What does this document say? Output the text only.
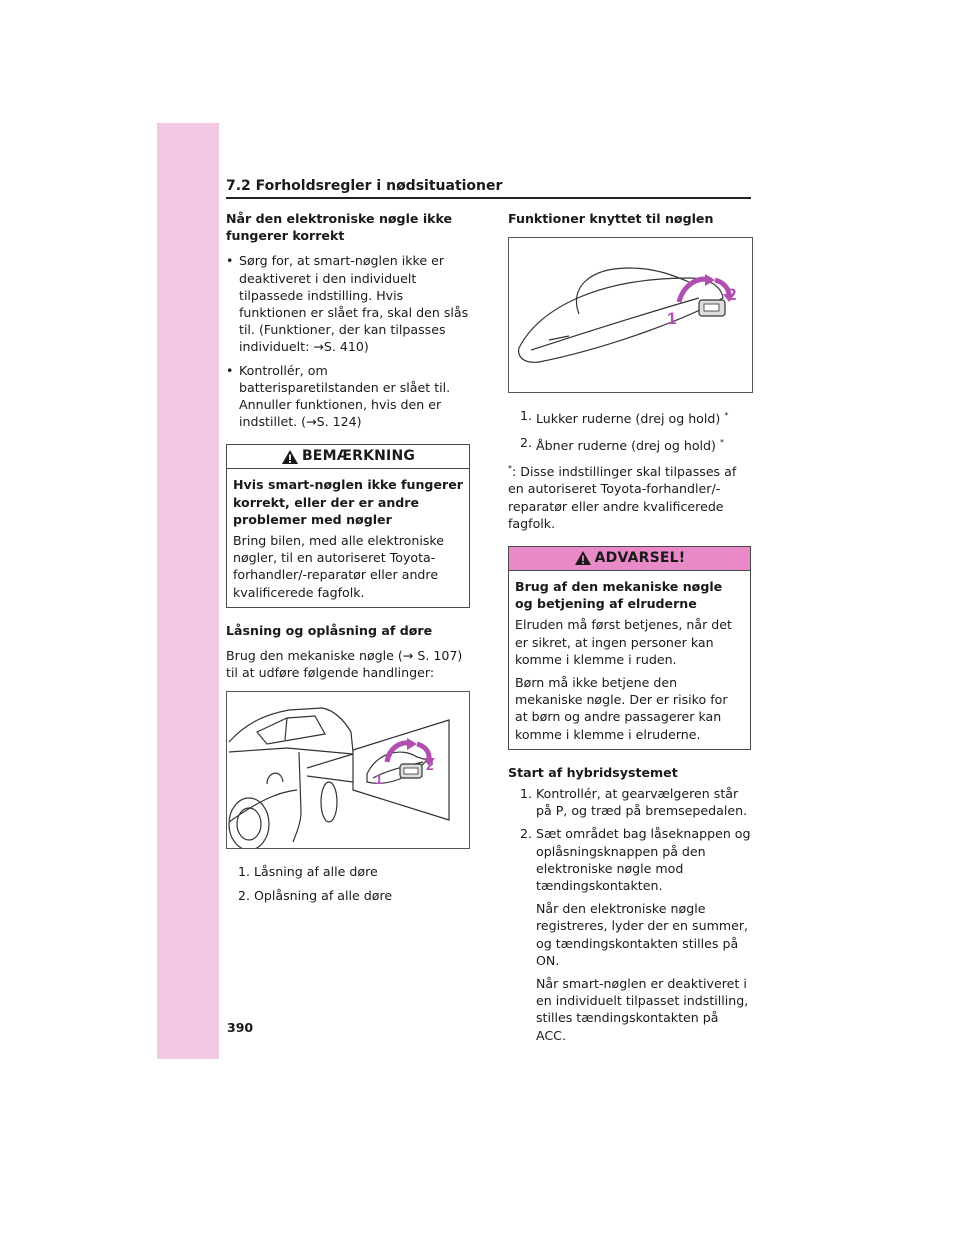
7.2 Forholdsregler i nødsituationer
Når den elektroniske nøgle ikke fungerer korrekt
• Sørg for, at smart-nøglen ikke er deaktiveret i den individuelt tilpassede indstilling. Hvis funktionen er slået fra, skal den slås til. (Funktioner, der kan tilpasses individuelt: →S. 410)
• Kontrollér, om batterisparetilstanden er slået til. Annuller funktionen, hvis den er indstillet. (→S. 124)
BEMÆRKNING
Hvis smart-nøglen ikke fungerer korrekt, eller der er andre problemer med nøgler
Bring bilen, med alle elektroniske nøgler, til en autoriseret Toyota-forhandler/-reparatør eller andre kvalificerede fagfolk.
Låsning og oplåsning af døre
Brug den mekaniske nøgle (→ S. 107) til at udføre følgende handlinger:
1
2
1. Låsning af alle døre
2. Oplåsning af alle døre
Funktioner knyttet til nøglen
1
2
1. Lukker ruderne (drej og hold) *
2. Åbner ruderne (drej og hold) *
*: Disse indstillinger skal tilpasses af en autoriseret Toyota-forhandler/-reparatør eller andre kvalificerede fagfolk.
ADVARSEL!
Brug af den mekaniske nøgle og betjening af elruderne
Elruden må først betjenes, når det er sikret, at ingen personer kan komme i klemme i ruden.
Børn må ikke betjene den mekaniske nøgle. Der er risiko for at børn og andre passagerer kan komme i klemme i elruderne.
Start af hybridsystemet
1. Kontrollér, at gearvælgeren står på P, og træd på bremsepedalen.
2. Sæt området bag låseknappen og oplåsningsknappen på den elektroniske nøgle mod tændingskontakten.
Når den elektroniske nøgle registreres, lyder der en summer, og tændingskontakten stilles på ON.
Når smart-nøglen er deaktiveret i en individuelt tilpasset indstilling, stilles tændingskontakten på ACC.
390
